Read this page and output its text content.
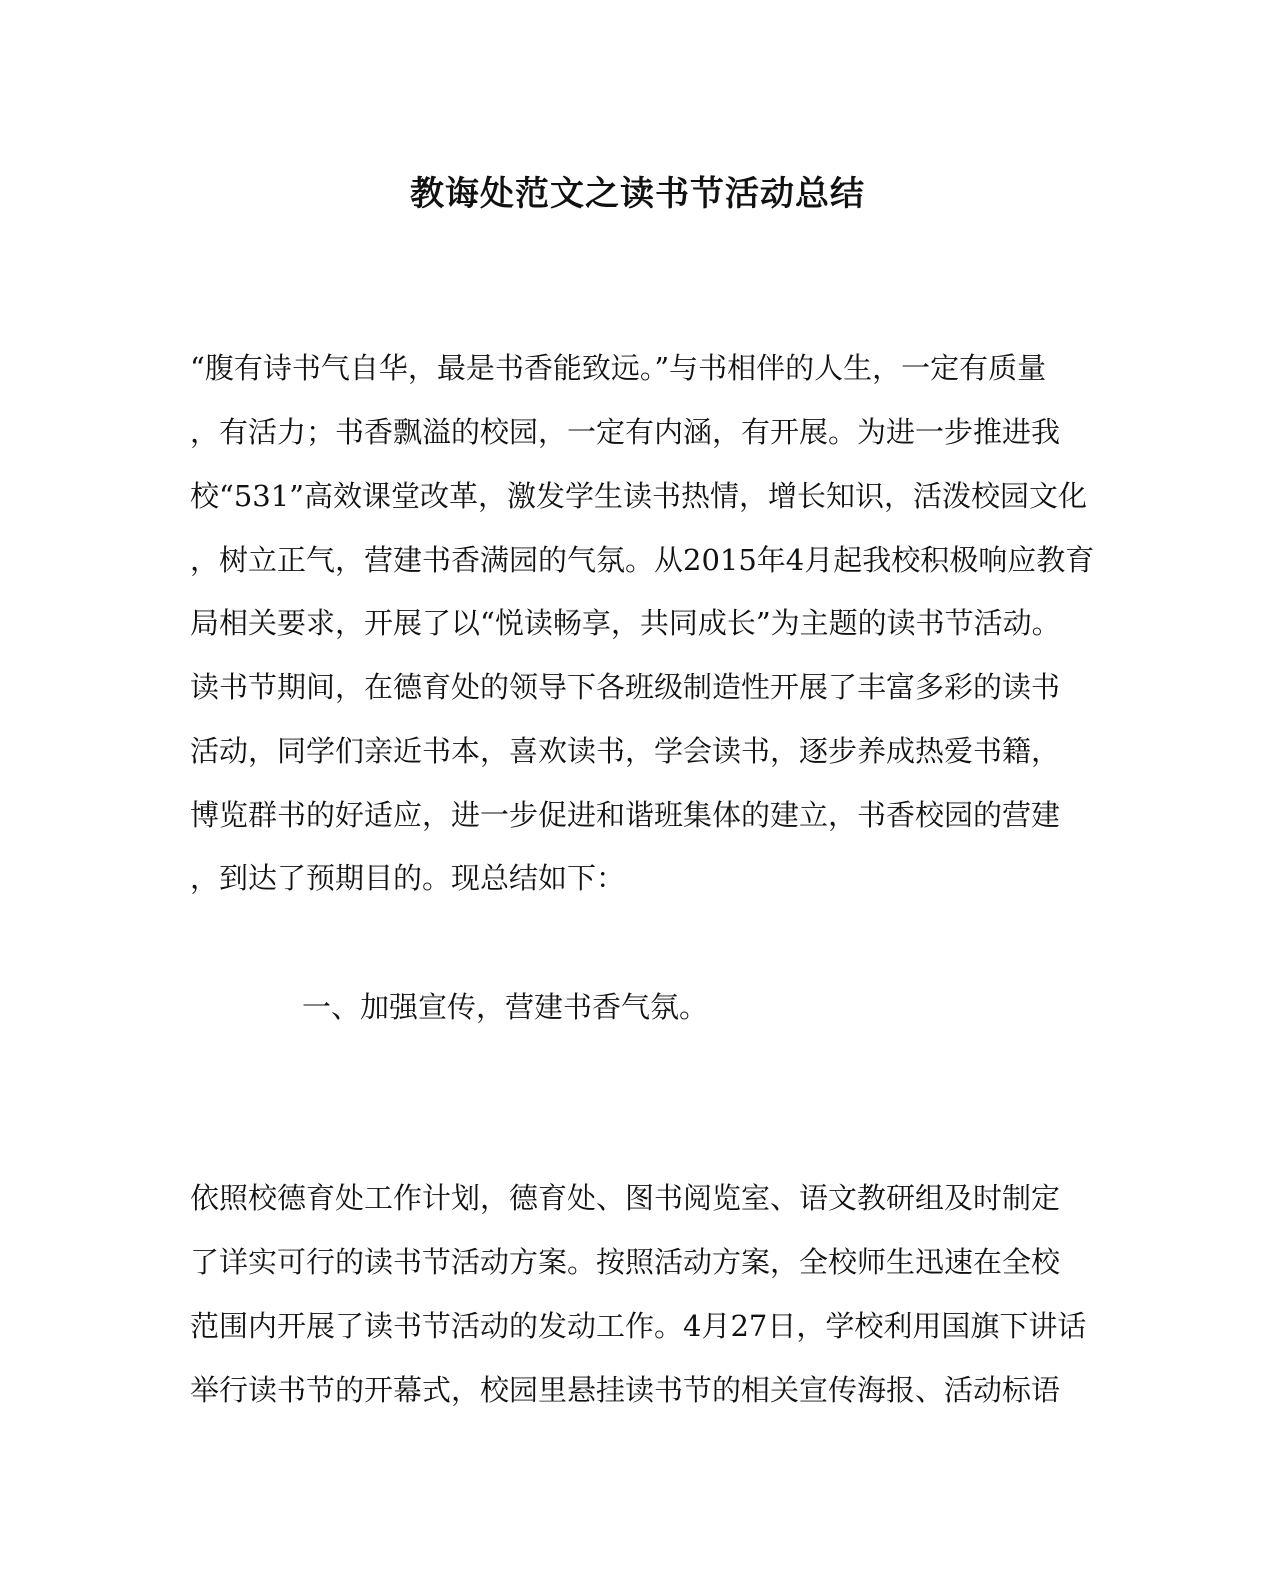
教诲处范文之读书节活动总结

“腹有诗书气自华，最是书香能致远。”与书相伴的人生，一定有质量

，有活力；书香飘溢的校园，一定有内涵，有开展。为进一步推进我

校“531”高效课堂改革，激发学生读书热情，增长知识，活泼校园文化

，树立正气，营建书香满园的气氛。从2015年4月起我校积极响应教育

局相关要求，开展了以“悦读畅享，共同成长”为主题的读书节活动。

读书节期间，在德育处的领导下各班级制造性开展了丰富多彩的读书

活动，同学们亲近书本，喜欢读书，学会读书，逐步养成热爱书籍，

博览群书的好适应，进一步促进和谐班集体的建立，书香校园的营建

，到达了预期目的。现总结如下：

一、加强宣传，营建书香气氛。

依照校德育处工作计划，德育处、图书阅览室、语文教研组及时制定

了详实可行的读书节活动方案。按照活动方案，全校师生迅速在全校

范围内开展了读书节活动的发动工作。4月27日，学校利用国旗下讲话

举行读书节的开幕式，校园里悬挂读书节的相关宣传海报、活动标语
